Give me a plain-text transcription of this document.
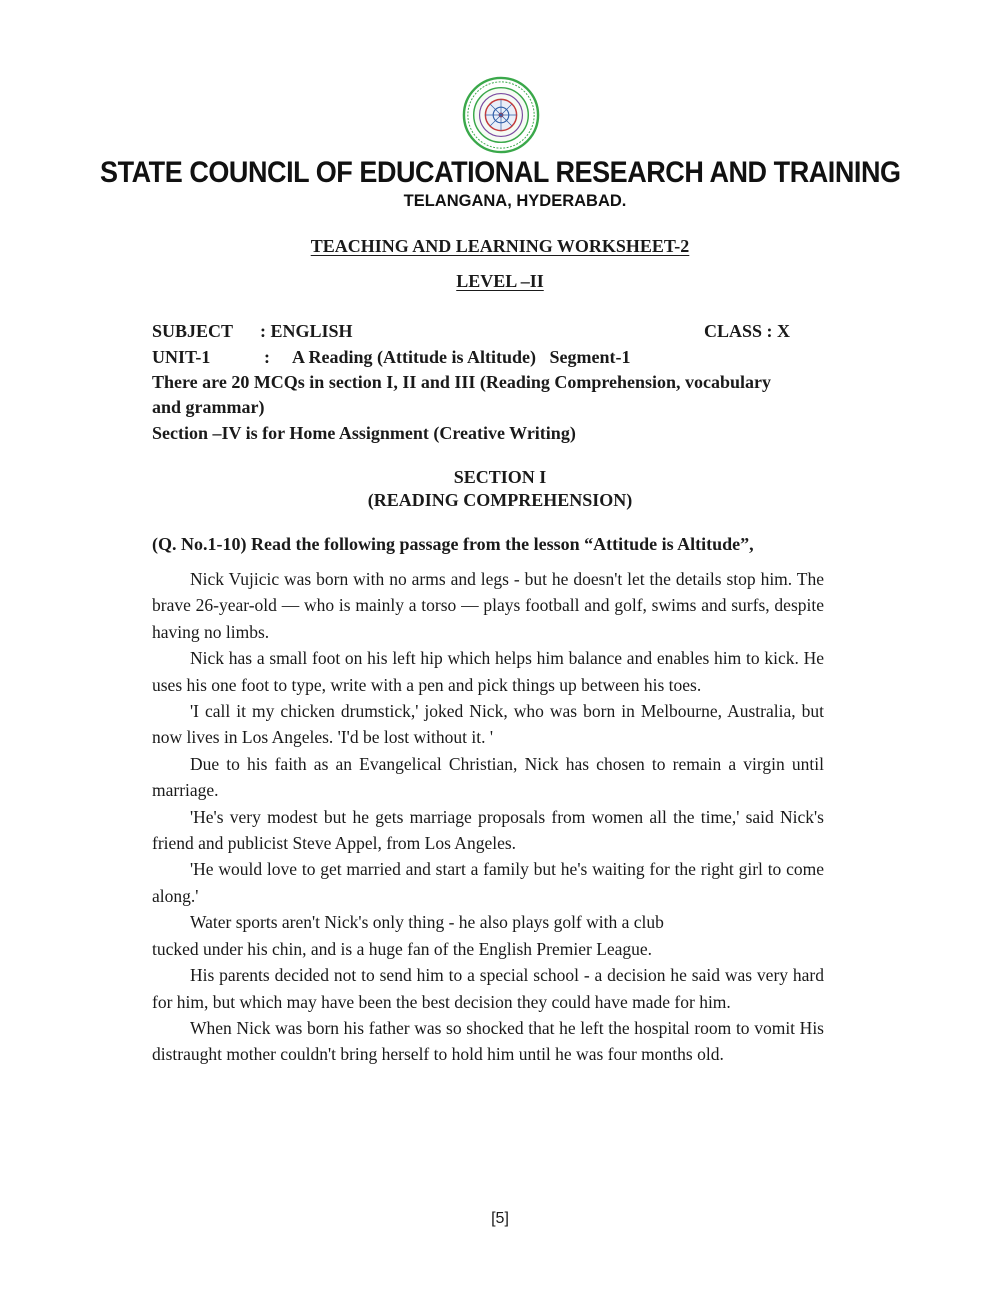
STATE COUNCIL OF EDUCATIONAL RESEARCH AND TRAINING
TELANGANA, HYDERABAD.
TEACHING AND LEARNING WORKSHEET-2
LEVEL –II
SUBJECT : ENGLISH	CLASS : X
UNIT-1	: A Reading (Attitude is Altitude)   Segment-1
There are 20 MCQs in section I, II and III (Reading Comprehension, vocabulary
and grammar)
Section –IV is for Home Assignment (Creative Writing)
SECTION I
(READING COMPREHENSION)
(Q. No.1-10) Read the following passage from the lesson “Attitude is Altitude”,

Nick Vujicic was born with no arms and legs - but he doesn't let the details stop him. The brave 26-year-old — who is mainly a torso — plays football and golf, swims and surfs, despite having no limbs.

Nick has a small foot on his left hip which helps him balance and enables him to kick. He uses his one foot to type, write with a pen and pick things up between his toes.

'I call it my chicken drumstick,' joked Nick, who was born in Melbourne, Australia, but now lives in Los Angeles. 'I'd be lost without it. '

Due to his faith as an Evangelical Christian, Nick has chosen to remain a virgin until marriage.

'He's very modest but he gets marriage proposals from women all the time,' said Nick's friend and publicist Steve Appel, from Los Angeles.

'He would love to get married and start a family but he's waiting for the right girl to come along.'

Water sports aren't Nick's only thing - he also plays golf with a club

tucked under his chin, and is a huge fan of the English Premier League.

His parents decided not to send him to a special school - a decision he said was very hard for him, but which may have been the best decision they could have made for him.

When Nick was born his father was so shocked that he left the hospital room to vomit His distraught mother couldn't bring herself to hold him until he was four months old.

[5]
